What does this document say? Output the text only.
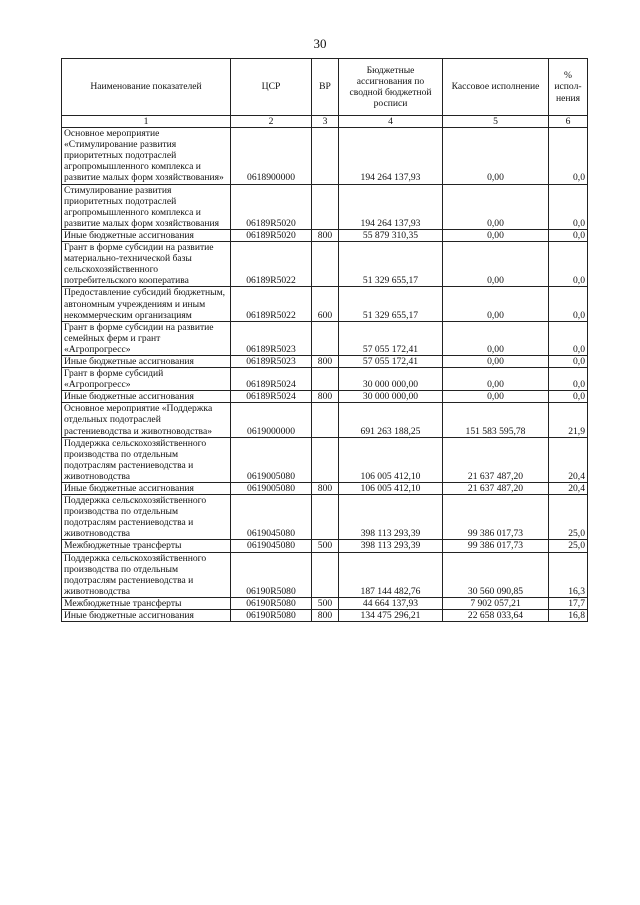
30
Наименование показателей	ЦСР	ВР	Бюджетные ассигнования по сводной бюджетной росписи	Кассовое исполнение	% испол-нения
1	2	3	4	5	6
Основное мероприятие «Стимулирование развития приоритетных подотраслей агропромышленного комплекса и развитие малых форм хозяйствования»	0618900000		194 264 137,93	0,00	0,0
Стимулирование развития приоритетных подотраслей агропромышленного комплекса и развитие малых форм хозяйствования	06189R5020		194 264 137,93	0,00	0,0
Иные бюджетные ассигнования	06189R5020	800	55 879 310,35	0,00	0,0
Грант в форме субсидии на развитие материально-технической базы сельскохозяйственного потребительского кооператива	06189R5022		51 329 655,17	0,00	0,0
Предоставление субсидий бюджетным, автономным учреждениям и иным некоммерческим организациям	06189R5022	600	51 329 655,17	0,00	0,0
Грант в форме субсидии на развитие семейных ферм и грант «Агропрогресс»	06189R5023		57 055 172,41	0,00	0,0
Иные бюджетные ассигнования	06189R5023	800	57 055 172,41	0,00	0,0
Грант в форме субсидий «Агропрогресс»	06189R5024		30 000 000,00	0,00	0,0
Иные бюджетные ассигнования	06189R5024	800	30 000 000,00	0,00	0,0
Основное мероприятие «Поддержка отдельных подотраслей растениеводства и животноводства»	0619000000		691 263 188,25	151 583 595,78	21,9
Поддержка сельскохозяйственного производства по отдельным подотраслям растениеводства и животноводства	0619005080		106 005 412,10	21 637 487,20	20,4
Иные бюджетные ассигнования	0619005080	800	106 005 412,10	21 637 487,20	20,4
Поддержка сельскохозяйственного производства по отдельным подотраслям растениеводства и животноводства	0619045080		398 113 293,39	99 386 017,73	25,0
Межбюджетные трансферты	0619045080	500	398 113 293,39	99 386 017,73	25,0
Поддержка сельскохозяйственного производства по отдельным подотраслям растениеводства и животноводства	06190R5080		187 144 482,76	30 560 090,85	16,3
Межбюджетные трансферты	06190R5080	500	44 664 137,93	7 902 057,21	17,7
Иные бюджетные ассигнования	06190R5080	800	134 475 296,21	22 658 033,64	16,8
